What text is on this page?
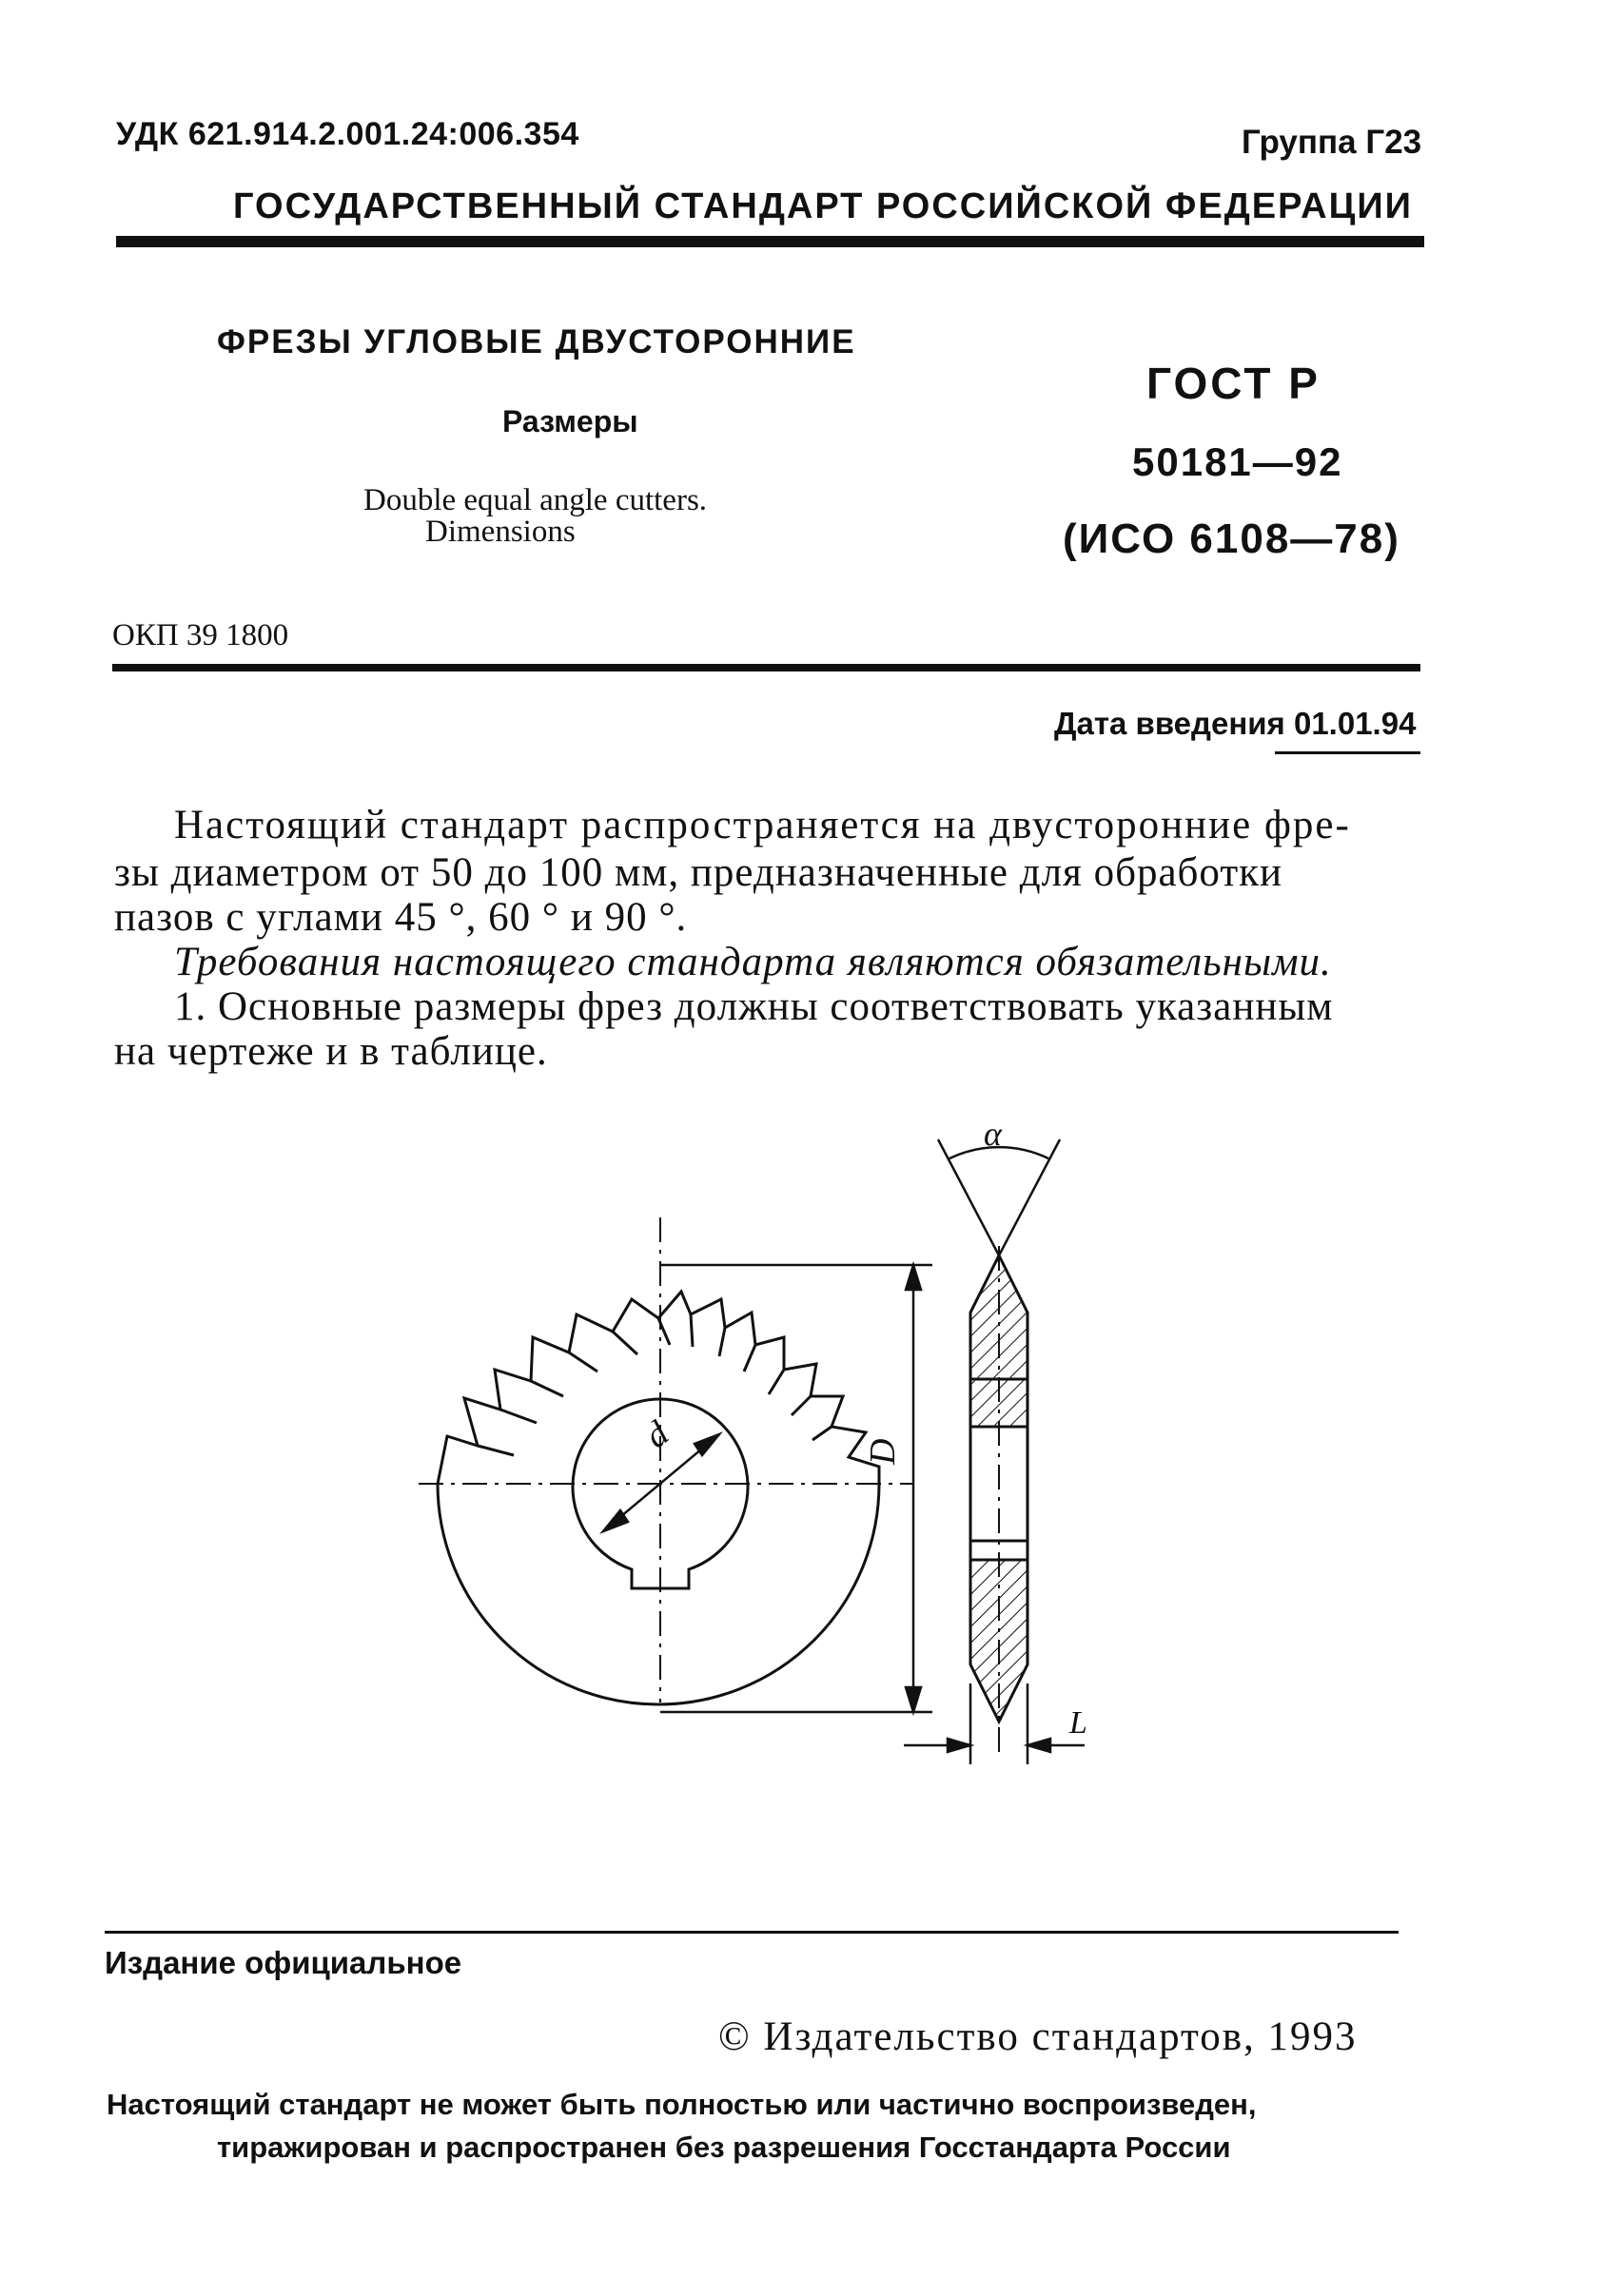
УДК 621.914.2.001.24:006.354	Группа Г23
ГОСУДАРСТВЕННЫЙ СТАНДАРТ РОССИЙСКОЙ ФЕДЕРАЦИИ
ФРЕЗЫ УГЛОВЫЕ ДВУСТОРОННИЕ
Размеры
Double equal angle cutters.
Dimensions
ГОСТ Р
50181—92
(ИСО 6108—78)
ОКП 39 1800
Дата введения 01.01.94
Настоящий стандарт распространяется на двусторонние фре-
зы диаметром от 50 до 100 мм, предназначенные для обработки
пазов с углами 45 °, 60 ° и 90 °.
Требования настоящего стандарта являются обязательными.
1. Основные размеры фрез должны соответствовать указанным
на чертеже и в таблице.
d	D
α
L
Издание официальное
© Издательство стандартов, 1993
Настоящий стандарт не может быть полностью или частично воспроизведен,
тиражирован и распространен без разрешения Госстандарта России
